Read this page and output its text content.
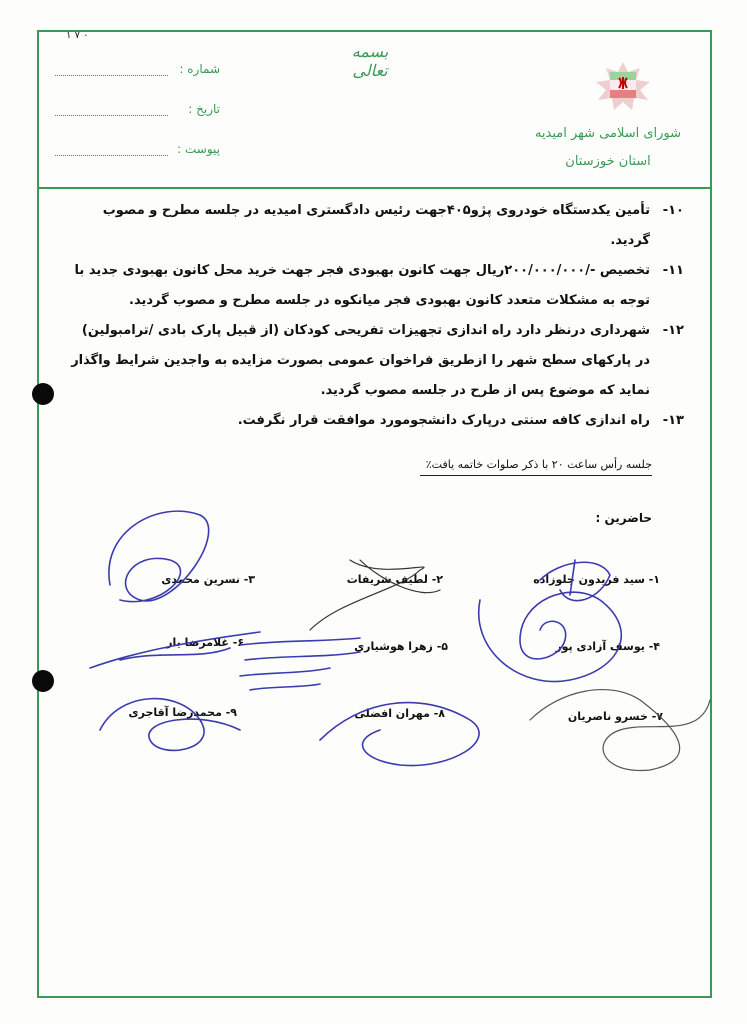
٠ ٧ ١
بسمه تعالی
شماره :
تاریخ :
پیوست :
شورای اسلامی شهر امیدیه
استان خوزستان
۱۰-
تأمین یکدستگاه خودروی پژو۴۰۵جهت رئیس دادگستری امیدیه در جلسه مطرح و مصوب گردید.
۱۱-
تخصیص -/۲۰۰/۰۰۰/۰۰۰ریال جهت کانون بهبودی فجر جهت خرید محل کانون بهبودی جدید با توجه به مشکلات متعدد کانون بهبودی فجر میانکوه در جلسه مطرح و مصوب گردید.
۱۲-
شهرداری درنظر دارد راه اندازی تجهیزات تفریحی کودکان (از قبیل پارک بادی /ترامبولین) در پارکهای سطح شهر را ازطریق فراخوان عمومی بصورت مزایده به واجدین شرایط واگذار نماید که موضوع پس از طرح در جلسه مصوب گردید.
۱۳-
راه اندازی کافه سنتی درپارک دانشجومورد موافقت قرار نگرفت.
جلسه رأس ساعت ۲۰ با ذکر صلوات خاتمه یافت٪
حاضرین :
۱- سید فریدون جلوزاده
۲- لطیف شریفات
۳- نسرین محمدی
۴- یوسف آزادی پور
۵- زهرا هوشیاری
۶- غلامرضا یار
۷- خسرو ناصریان
۸- مهران افضلی
۹- محمدرضا آقاجری
